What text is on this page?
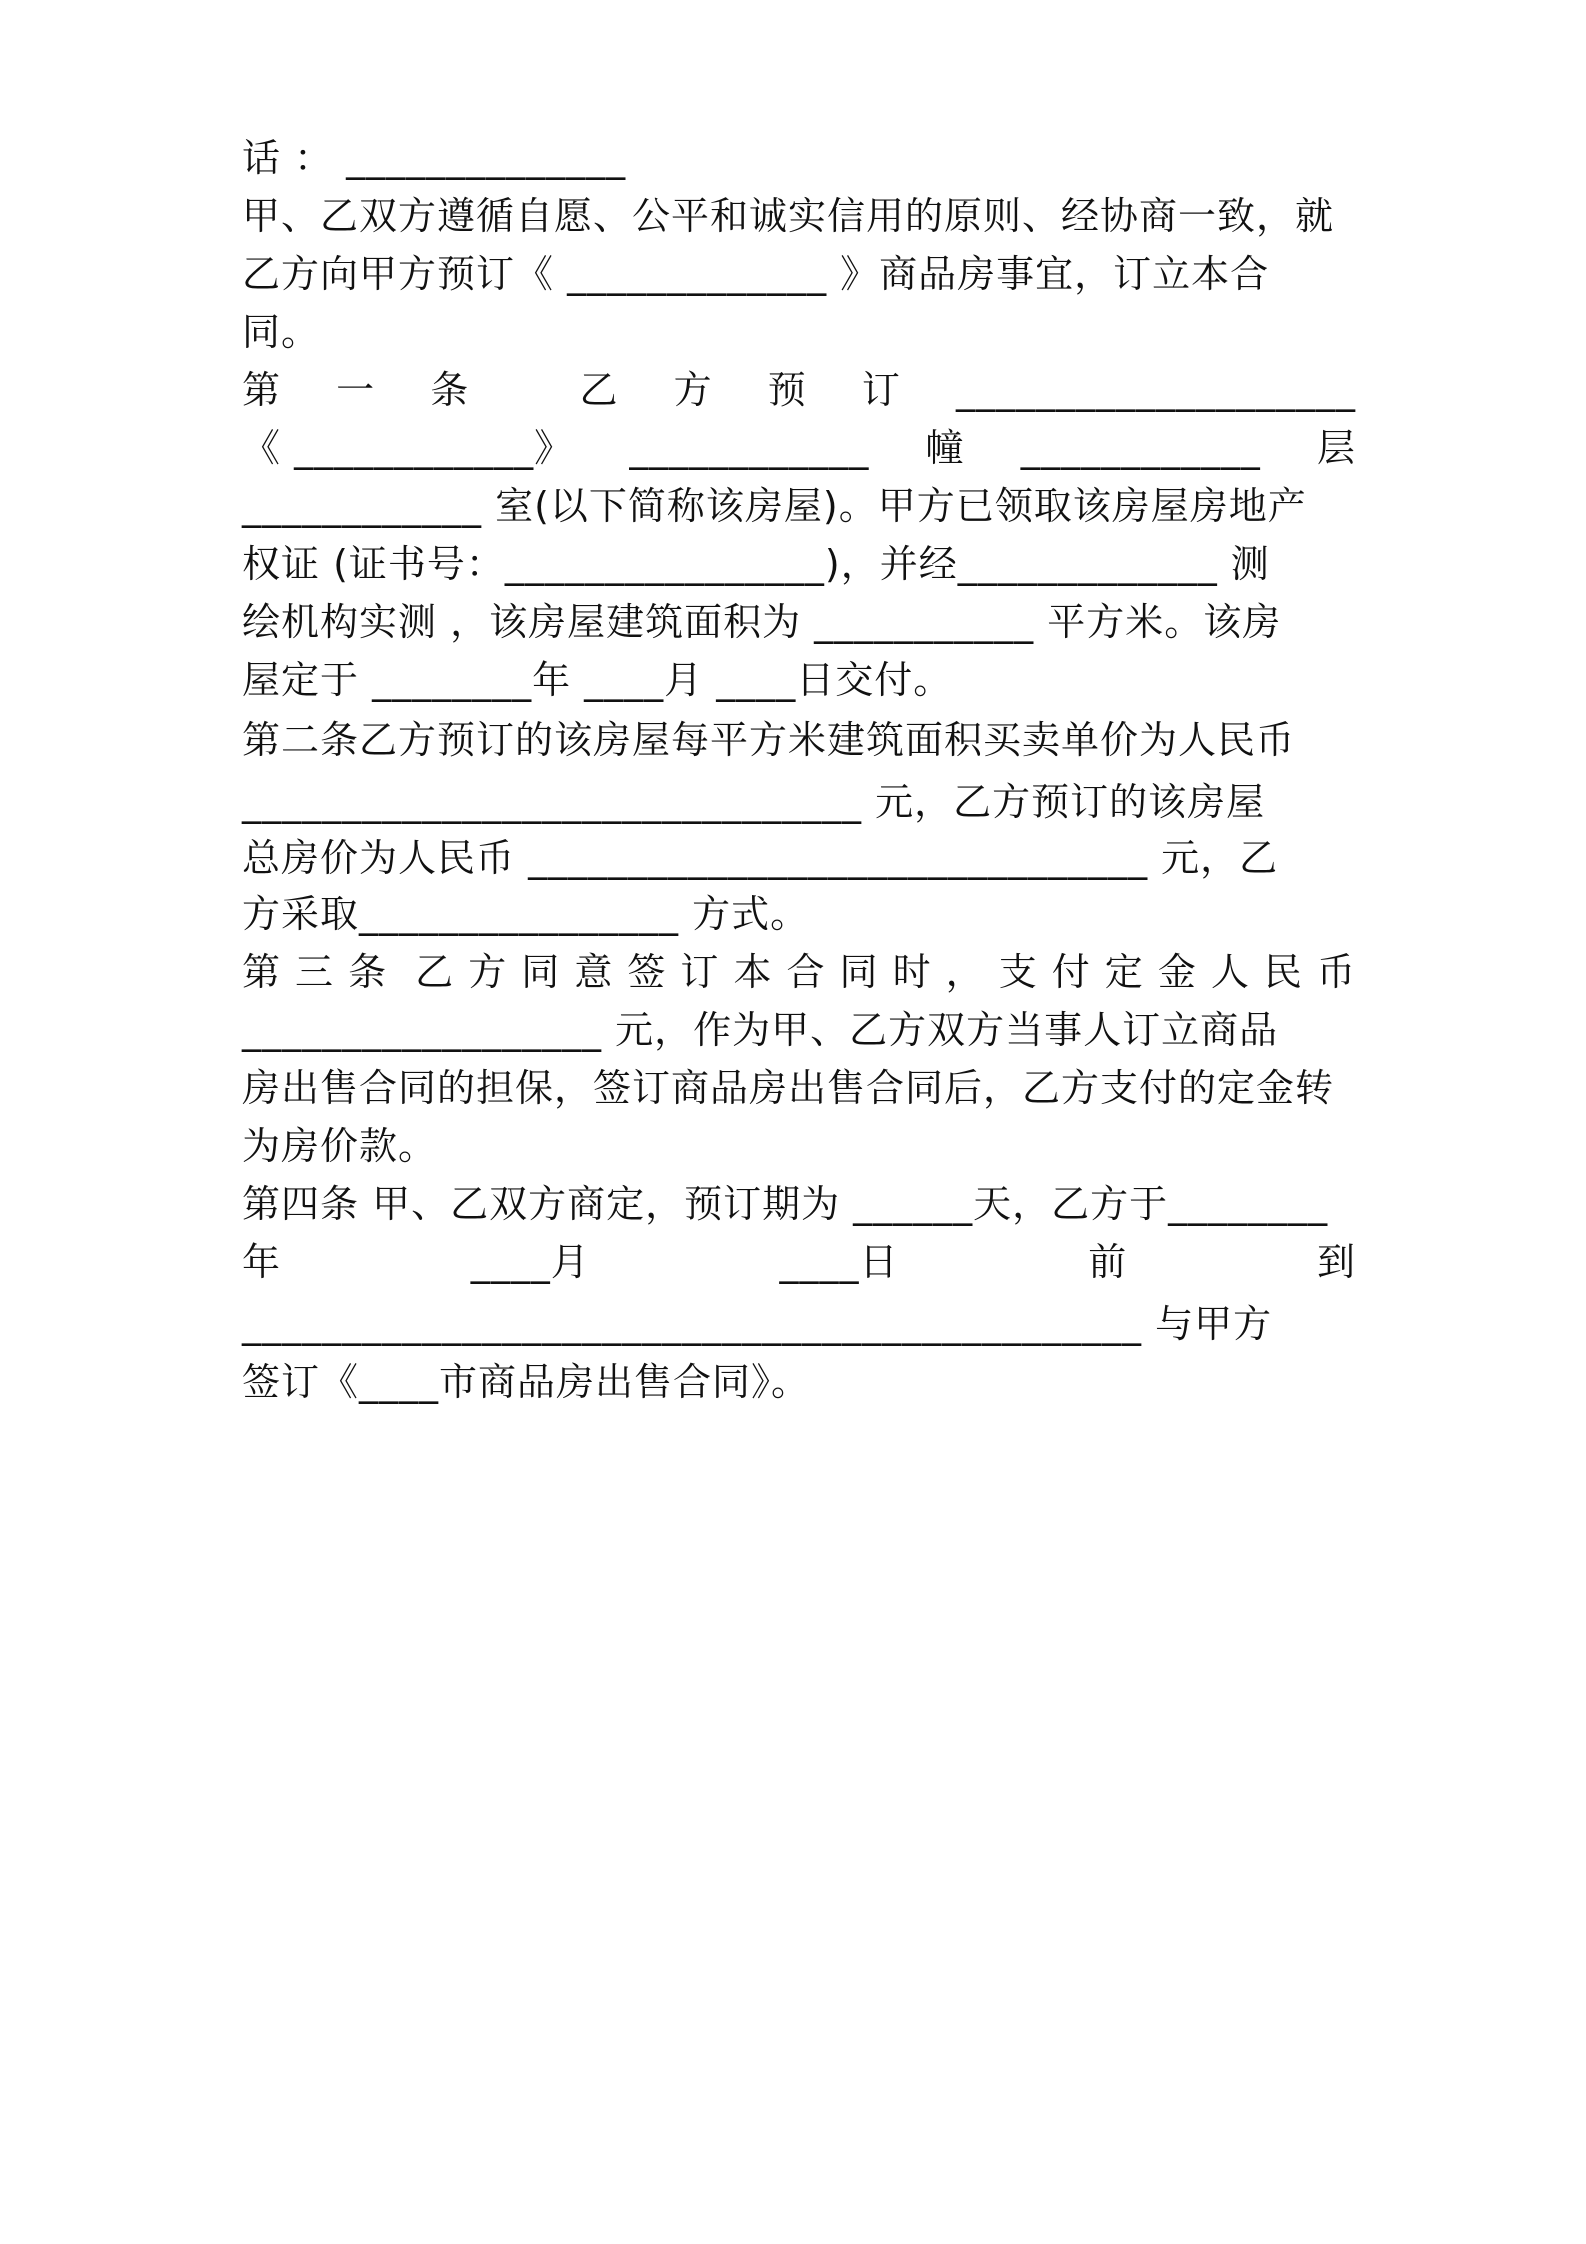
话 ： ______________
甲、乙双方遵循自愿、公平和诚实信用的原则、经协商一致，就
乙方向甲方预订《 _____________ 》商品房事宜，订立本合
同。
第 一 条	乙 方 预 订 ____________________
《 ____________》 ____________ 幢 ____________ 层
____________ 室(以下简称该房屋)。甲方已领取该房屋房地产
权证 (证书号：________________)，并经_____________ 测
绘机构实测 ，该房屋建筑面积为 ___________ 平方米。该房
屋定于 ________年 ____月 ____日交付。
第二条乙方预订的该房屋每平方米建筑面积买卖单价为人民币
_______________________________ 元，乙方预订的该房屋
总房价为人民币 _______________________________ 元，乙
方采取________________ 方式。
第 三 条 乙 方 同 意 签 订 本 合 同 时 ， 支 付 定 金 人 民 币
__________________ 元，作为甲、乙方双方当事人订立商品
房出售合同的担保，签订商品房出售合同后，乙方支付的定金转
为房价款。
第四条 甲、乙双方商定，预订期为 ______天，乙方于________
年	____月	____日	前	到
_____________________________________________ 与甲方
签订《____市商品房出售合同》。
